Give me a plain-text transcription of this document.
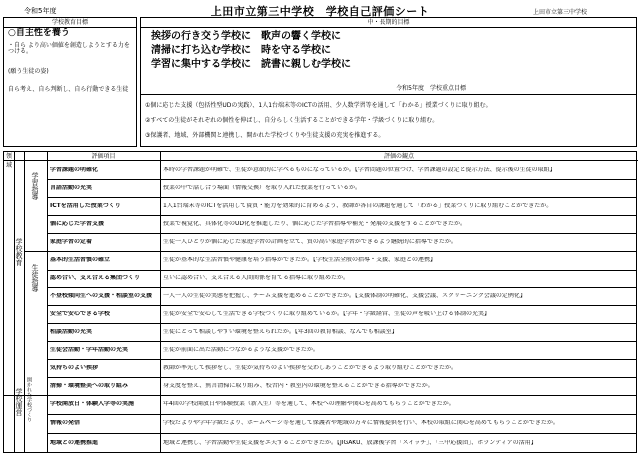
令和5年度	上田市立第三中学校　学校自己評価シート	上田市立第三中学校
学校教育目標
○自主性を養う
・自ら より高い価値を創造しようとする力をつける。
(願う生徒の姿)
自ら考え、自ら判断し、自ら行動できる生徒
中・長期的目標
挨拶の行き交う学校に 歌声の響く学校に
清掃に打ち込む学校に 時を守る学校に
学習に集中する学校に 読書に親しむ学校に
令和5年度　学校重点目標
①個に応じた支援（包括性型UDの実践）、1人1台端末等のICTの活用、少人数学習等を通して「わかる」授業づくりに取り組む。
②すべての生徒がそれぞれの個性を伸ばし、自分らしく生活することができる学年・学級づくりに取り組む。
③保護者、地域、外部機関と連携し、開かれた学校づくりや生徒支援の充実を推進する。
領域
評価項目	評価の観点
学校教育
学校運営
学習指導
生徒指導
開かれた学校づくり
学習課題の明確化	本時の学習課題が明確で、生徒が意欲的に学べるものになっているか。【学習問題の位置づけ、学習課題の設定と提示方法、提示後の生徒の取組】
言語活動の充実	授業の中で話し合う場面（情報交換）を取り入れた授業を行っているか。
ICTを活用した授業づくり	1人1台端末等のICTを活用して資質・能力を効果的に育めるよう、教師が各自の課題を通して「わかる」授業づくりに取り組むことができたか。
個に応じた学習支援	授業で視覚化、具体化等のUD化を推進したり、個に応じた学習指導や補充・発展の支援をすることができたか。
家庭学習の定着	生徒一人ひとりが個に応じた家庭学習の計画を立て、質の高い家庭学習ができるよう継続的に指導できたか。
基本的生活習慣の確立	生徒が基本的な生活習慣や健康を培う指導ができたか。【学校生活全般の指導・支援、家庭との連携】
認め合い、支え合える集団づくり	互いに認め合い、支え合える人間関係を育てる指導に取り組めたか。
不登校傾向生への支援・相談室の支援	一人一人の生徒の実態を把握し、チーム支援を進めることができたか。【支援体制の明確化、支援会議、スクリーニング会議の定例化】
安全で安心できる学校	生徒が安全で安心して生活できる学校づくりに取り組めているか。【学年・学級経営、生徒の声を吸い上げる体制の充実】
相談活動の充実	生徒にとって相談しやすい環境を整えられたか。【年3回の教育相談、なんでも相談室】
生徒会活動・学年活動の充実	生徒が前面に出た活動につながるような支援ができたか。
気持ちのよい挨拶	教師が率先して挨拶をし、生徒が気持ちのよい挨拶を交わしあうことができるよう取り組むことができたか。
清掃・環境整美への取り組み	身支度を整え、無言清掃に取り組み、校舎内・教室内の環境を整えることができる指導ができたか。
学校開放日・体験入学等の実施	年4回の学校開放日や体験授業（新入生）等を通して、本校への理解や関心を高めてもらうことができたか。
情報の発信	学校だよりや学年学級だより、ホームページ等を通して保護者や地域の方々に情報提供を行い、本校の取組に関心を高めてもらうことができたか。
地域との連携推進	地域と連携し、学習活動や生徒支援をエ夫することができたか。【JIGAKU、放課後学習「スイッチ」、「三中応援団」、ボランティアの活用】
